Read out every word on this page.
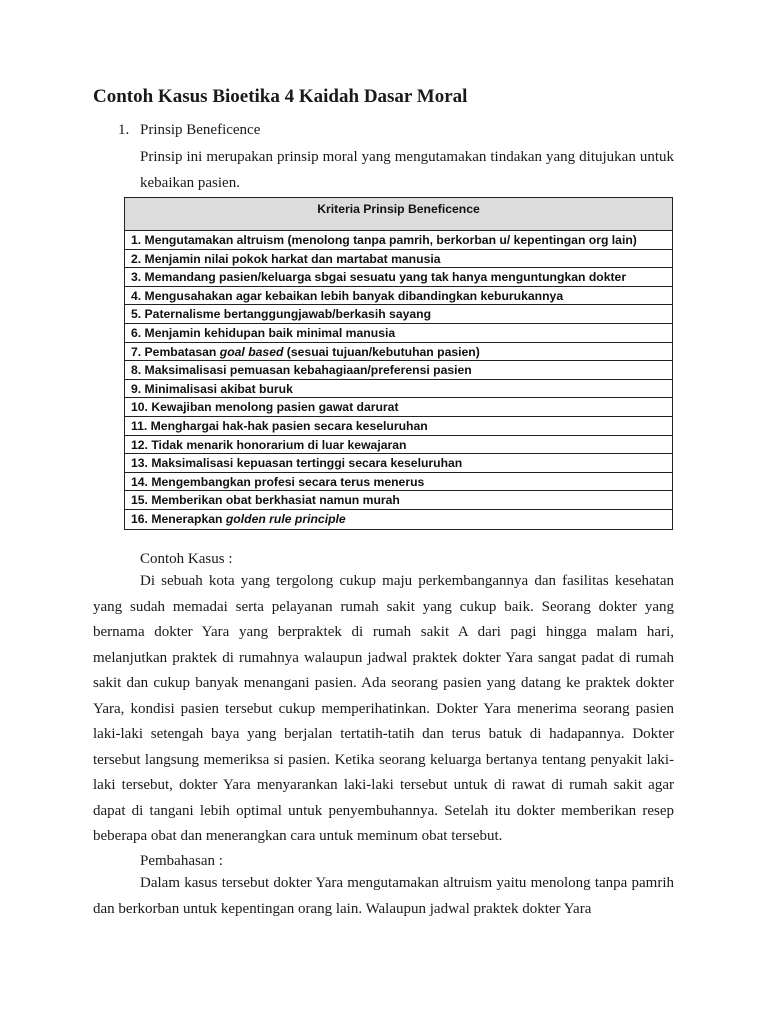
Contoh Kasus Bioetika 4 Kaidah Dasar Moral
1. Prinsip Beneficence

Prinsip ini merupakan prinsip moral yang mengutamakan tindakan yang ditujukan untuk kebaikan pasien.

Kriteria Prinsip Beneficence
1. Mengutamakan altruism (menolong tanpa pamrih, berkorban u/ kepentingan org lain)
2. Menjamin nilai pokok harkat dan martabat manusia
3. Memandang pasien/keluarga sbgai sesuatu yang tak hanya menguntungkan dokter
4. Mengusahakan agar kebaikan lebih banyak dibandingkan keburukannya
5. Paternalisme bertanggungjawab/berkasih sayang
6. Menjamin kehidupan baik minimal manusia
7. Pembatasan goal based (sesuai tujuan/kebutuhan pasien)
8. Maksimalisasi pemuasan kebahagiaan/preferensi pasien
9. Minimalisasi akibat buruk
10. Kewajiban menolong pasien gawat darurat
11. Menghargai hak-hak pasien secara keseluruhan
12. Tidak menarik honorarium di luar kewajaran
13. Maksimalisasi kepuasan tertinggi secara keseluruhan
14. Mengembangkan profesi secara terus menerus
15. Memberikan obat berkhasiat namun murah
16. Menerapkan golden rule principle

Contoh Kasus :

Di sebuah kota yang tergolong cukup maju perkembangannya dan fasilitas kesehatan yang sudah memadai serta pelayanan rumah sakit yang cukup baik. Seorang dokter yang bernama dokter Yara yang berpraktek di rumah sakit A dari pagi hingga malam hari, melanjutkan praktek di rumahnya walaupun jadwal praktek dokter Yara sangat padat di rumah sakit dan cukup banyak menangani pasien. Ada seorang pasien yang datang ke praktek dokter Yara, kondisi pasien tersebut cukup memperihatinkan. Dokter Yara menerima seorang pasien laki-laki setengah baya yang berjalan tertatih-tatih dan terus batuk di hadapannya. Dokter tersebut langsung memeriksa si pasien. Ketika seorang keluarga bertanya tentang penyakit laki-laki tersebut, dokter Yara menyarankan laki-laki tersebut untuk di rawat di rumah sakit agar dapat di tangani lebih optimal untuk penyembuhannya. Setelah itu dokter memberikan resep beberapa obat dan menerangkan cara untuk meminum obat tersebut.

Pembahasan :

Dalam kasus tersebut dokter Yara mengutamakan altruism yaitu menolong tanpa pamrih dan berkorban untuk kepentingan orang lain. Walaupun jadwal praktek dokter Yara
